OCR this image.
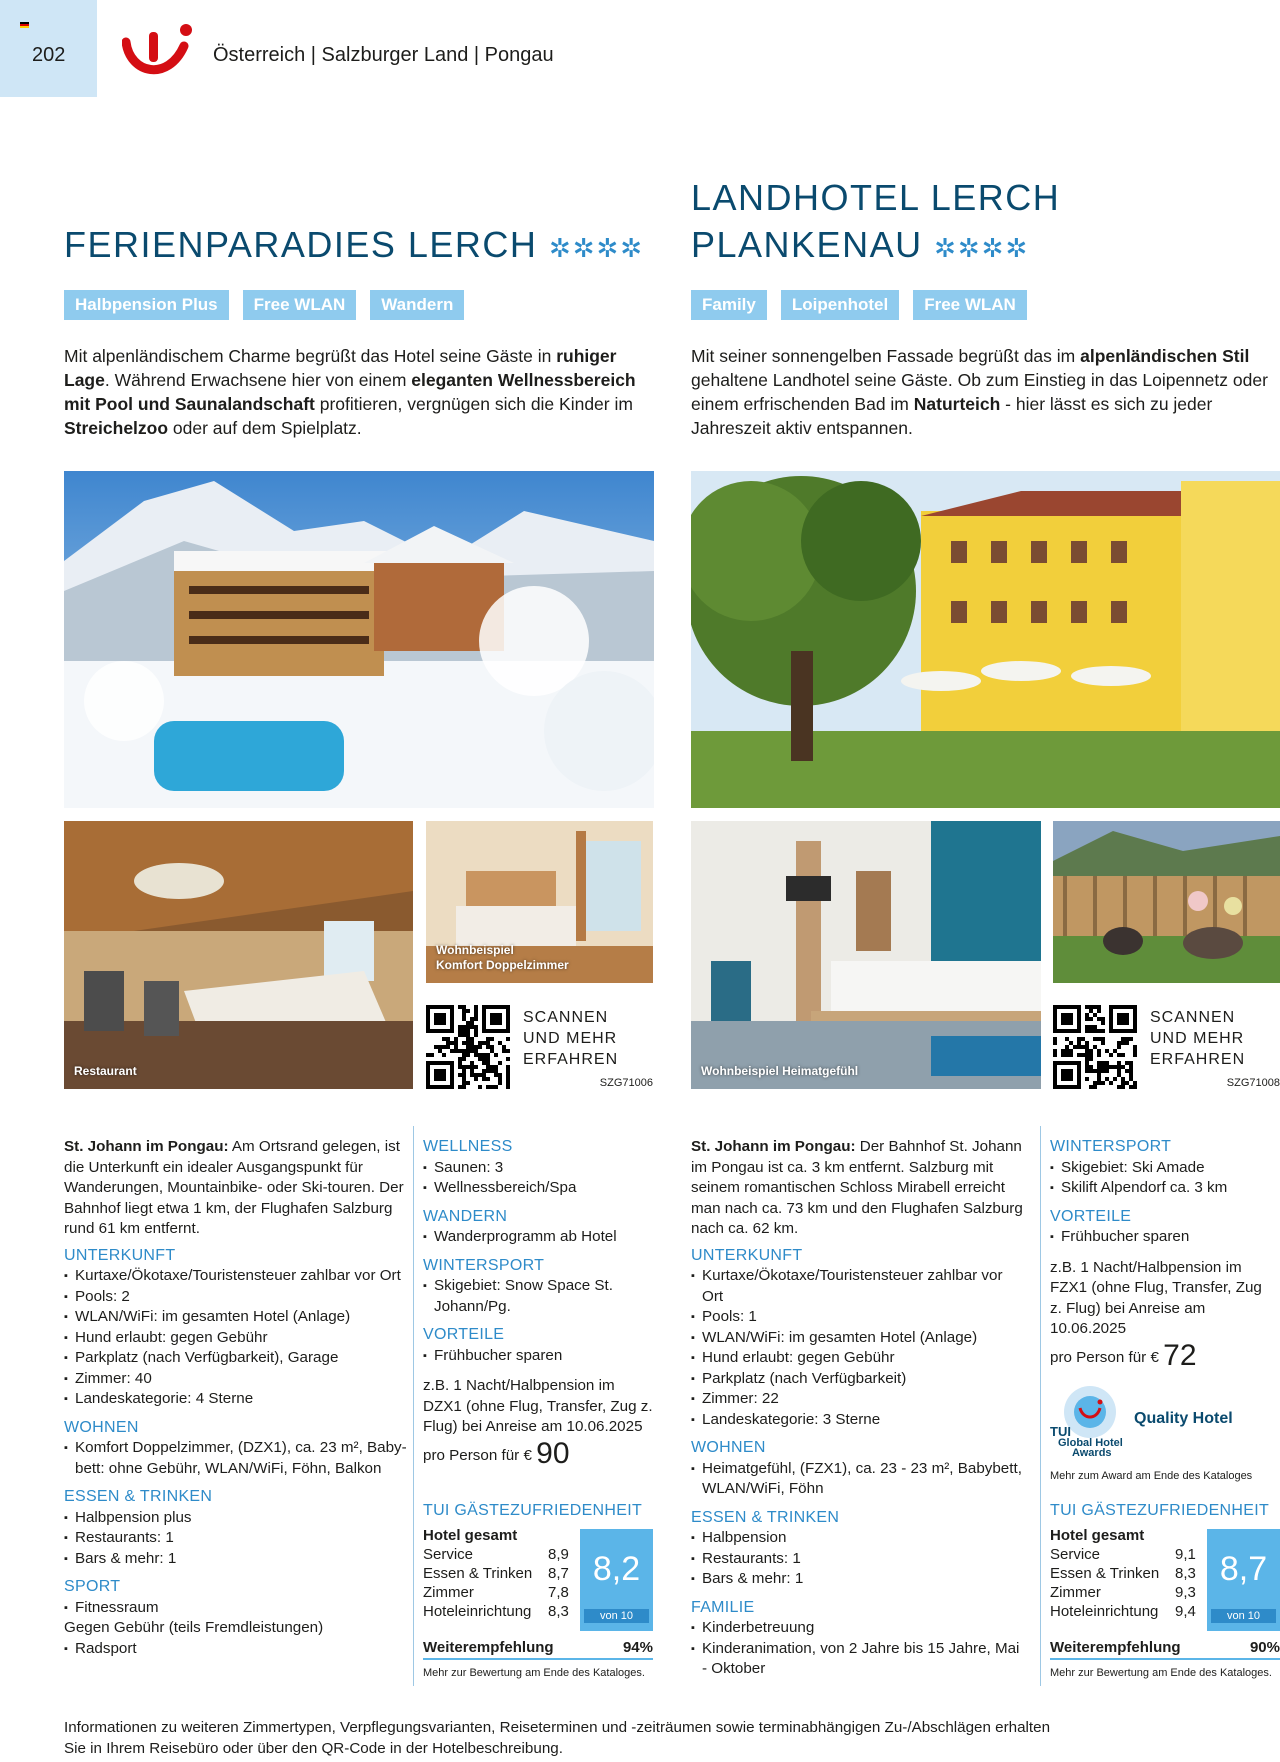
202	Österreich | Salzburger Land | Pongau
FERIENPARADIES LERCH ✲✲✲✲
Halbpension Plus	Free WLAN	Wandern
Mit alpenländischem Charme begrüßt das Hotel seine Gäste in ruhiger Lage. Während Erwachsene hier von einem eleganten Wellnessbereich mit Pool und Saunalandschaft profitieren, vergnügen sich die Kinder im Streichelzoo oder auf dem Spielplatz.
Restaurant
Wohnbeispiel
Komfort Doppelzimmer
SCANNEN
UND MEHR
ERFAHREN
SZG71006
St. Johann im Pongau: Am Ortsrand gelegen, ist die Unterkunft ein idealer Ausgangspunkt für Wanderungen, Mountainbike- oder Ski-touren. Der Bahnhof liegt etwa 1 km, der Flughafen Salzburg rund 61 km entfernt.
UNTERKUNFT
▪ Kurtaxe/Ökotaxe/Touristensteuer zahlbar vor Ort
▪ Pools: 2
▪ WLAN/WiFi: im gesamten Hotel (Anlage)
▪ Hund erlaubt: gegen Gebühr
▪ Parkplatz (nach Verfügbarkeit), Garage
▪ Zimmer: 40
▪ Landeskategorie: 4 Sterne
WOHNEN
▪ Komfort Doppelzimmer, (DZX1), ca. 23 m², Baby-bett: ohne Gebühr, WLAN/WiFi, Föhn, Balkon
ESSEN & TRINKEN
▪ Halbpension plus
▪ Restaurants: 1
▪ Bars & mehr: 1
SPORT
▪ Fitnessraum
Gegen Gebühr (teils Fremdleistungen)
▪ Radsport
WELLNESS
▪ Saunen: 3
▪ Wellnessbereich/Spa
WANDERN
▪ Wanderprogramm ab Hotel
WINTERSPORT
▪ Skigebiet: Snow Space St. Johann/Pg.
VORTEILE
▪ Frühbucher sparen
z.B. 1 Nacht/Halbpension im DZX1 (ohne Flug, Transfer, Zug z. Flug) bei Anreise am 10.06.2025
pro Person für € 90
TUI GÄSTEZUFRIEDENHEIT
Hotel gesamt	
Service	8,9
Essen & Trinken	8,7
Zimmer	7,8
Hoteleinrichtung	8,3
8,2
von 10
Weiterempfehlung	94%
Mehr zur Bewertung am Ende des Kataloges.
LANDHOTEL LERCH
PLANKENAU ✲✲✲✲
Family	Loipenhotel	Free WLAN
Mit seiner sonnengelben Fassade begrüßt das im alpenländischen Stil gehaltene Landhotel seine Gäste. Ob zum Einstieg in das Loipennetz oder einem erfrischenden Bad im Naturteich - hier lässt es sich zu jeder Jahreszeit aktiv entspannen.
Wohnbeispiel Heimatgefühl
SCANNEN
UND MEHR
ERFAHREN
SZG71008
St. Johann im Pongau: Der Bahnhof St. Johann im Pongau ist ca. 3 km entfernt. Salzburg mit seinem romantischen Schloss Mirabell erreicht man nach ca. 73 km und den Flughafen Salzburg nach ca. 62 km.
UNTERKUNFT
▪ Kurtaxe/Ökotaxe/Touristensteuer zahlbar vor Ort
▪ Pools: 1
▪ WLAN/WiFi: im gesamten Hotel (Anlage)
▪ Hund erlaubt: gegen Gebühr
▪ Parkplatz (nach Verfügbarkeit)
▪ Zimmer: 22
▪ Landeskategorie: 3 Sterne
WOHNEN
▪ Heimatgefühl, (FZX1), ca. 23 - 23 m², Babybett, WLAN/WiFi, Föhn
ESSEN & TRINKEN
▪ Halbpension
▪ Restaurants: 1
▪ Bars & mehr: 1
FAMILIE
▪ Kinderbetreuung
▪ Kinderanimation, von 2 Jahre bis 15 Jahre, Mai - Oktober
WINTERSPORT
▪ Skigebiet: Ski Amade
▪ Skilift Alpendorf ca. 3 km
VORTEILE
▪ Frühbucher sparen
z.B. 1 Nacht/Halbpension im FZX1 (ohne Flug, Transfer, Zug z. Flug) bei Anreise am 10.06.2025
pro Person für € 72
TUI
Global Hotel
Awards
Quality Hotel
Mehr zum Award am Ende des Kataloges
TUI GÄSTEZUFRIEDENHEIT
Hotel gesamt	
Service	9,1
Essen & Trinken	8,3
Zimmer	9,3
Hoteleinrichtung	9,4
8,7
von 10
Weiterempfehlung	90%
Mehr zur Bewertung am Ende des Kataloges.
Informationen zu weiteren Zimmertypen, Verpflegungsvarianten, Reiseterminen und -zeiträumen sowie terminabhängigen Zu-/Abschlägen erhalten Sie in Ihrem Reisebüro oder über den QR-Code in der Hotelbeschreibung.
